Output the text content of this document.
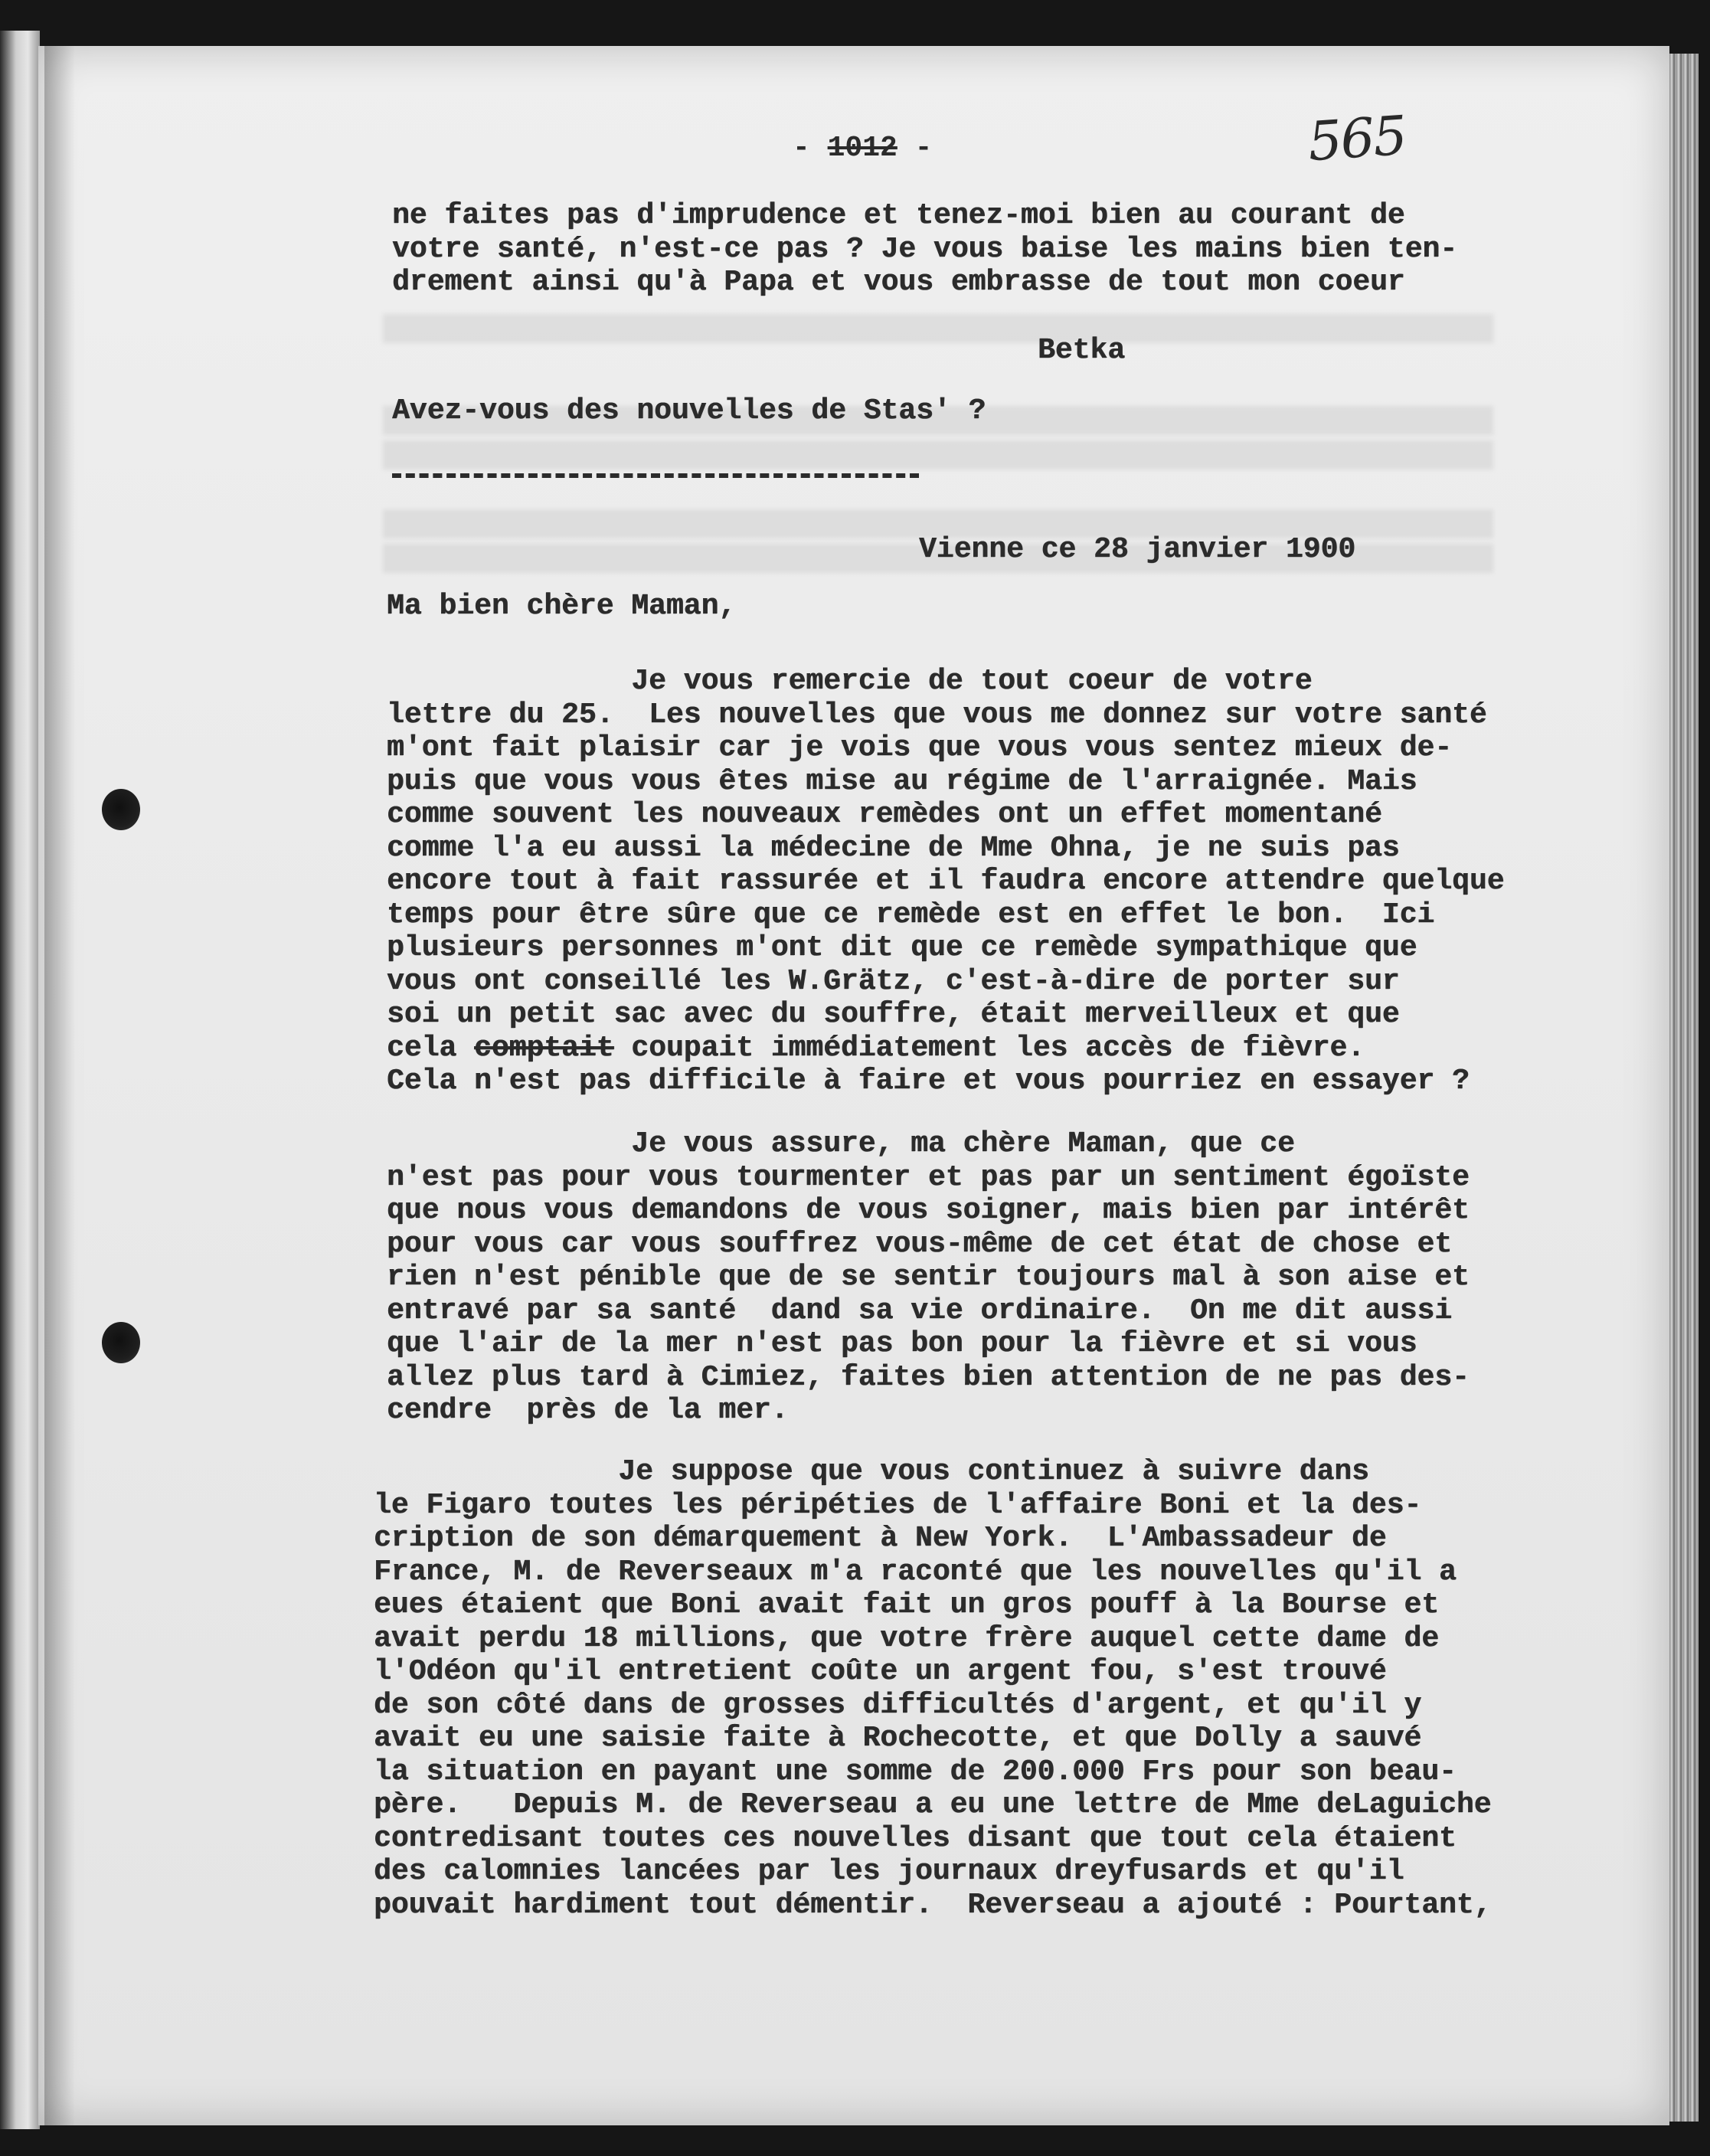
- 1012 -	565
ne faites pas d'imprudence et tenez-moi bien au courant de
votre santé, n'est-ce pas ? Je vous baise les mains bien ten-
drement ainsi qu'à Papa et vous embrasse de tout mon coeur
Betka
Avez-vous des nouvelles de Stas' ?
Vienne ce 28 janvier 1900
Ma bien chère Maman,
Je vous remercie de tout coeur de votre
lettre du 25.  Les nouvelles que vous me donnez sur votre santé
m'ont fait plaisir car je vois que vous vous sentez mieux de-
puis que vous vous êtes mise au régime de l'arraignée. Mais
comme souvent les nouveaux remèdes ont un effet momentané
comme l'a eu aussi la médecine de Mme Ohna, je ne suis pas
encore tout à fait rassurée et il faudra encore attendre quelque
temps pour être sûre que ce remède est en effet le bon.  Ici
plusieurs personnes m'ont dit que ce remède sympathique que
vous ont conseillé les W.Grätz, c'est-à-dire de porter sur
soi un petit sac avec du souffre, était merveilleux et que
cela comptait coupait immédiatement les accès de fièvre.
Cela n'est pas difficile à faire et vous pourriez en essayer ?
Je vous assure, ma chère Maman, que ce
n'est pas pour vous tourmenter et pas par un sentiment égoïste
que nous vous demandons de vous soigner, mais bien par intérêt
pour vous car vous souffrez vous-même de cet état de chose et
rien n'est pénible que de se sentir toujours mal à son aise et
entravé par sa santé  dand sa vie ordinaire.  On me dit aussi
que l'air de la mer n'est pas bon pour la fièvre et si vous
allez plus tard à Cimiez, faites bien attention de ne pas des-
cendre  près de la mer.
Je suppose que vous continuez à suivre dans
le Figaro toutes les péripéties de l'affaire Boni et la des-
cription de son démarquement à New York.  L'Ambassadeur de
France, M. de Reverseaux m'a raconté que les nouvelles qu'il a
eues étaient que Boni avait fait un gros pouff à la Bourse et
avait perdu 18 millions, que votre frère auquel cette dame de
l'Odéon qu'il entretient coûte un argent fou, s'est trouvé
de son côté dans de grosses difficultés d'argent, et qu'il y
avait eu une saisie faite à Rochecotte, et que Dolly a sauvé
la situation en payant une somme de 200.000 Frs pour son beau-
père.   Depuis M. de Reverseau a eu une lettre de Mme deLaguiche
contredisant toutes ces nouvelles disant que tout cela étaient
des calomnies lancées par les journaux dreyfusards et qu'il
pouvait hardiment tout démentir.  Reverseau a ajouté : Pourtant,
